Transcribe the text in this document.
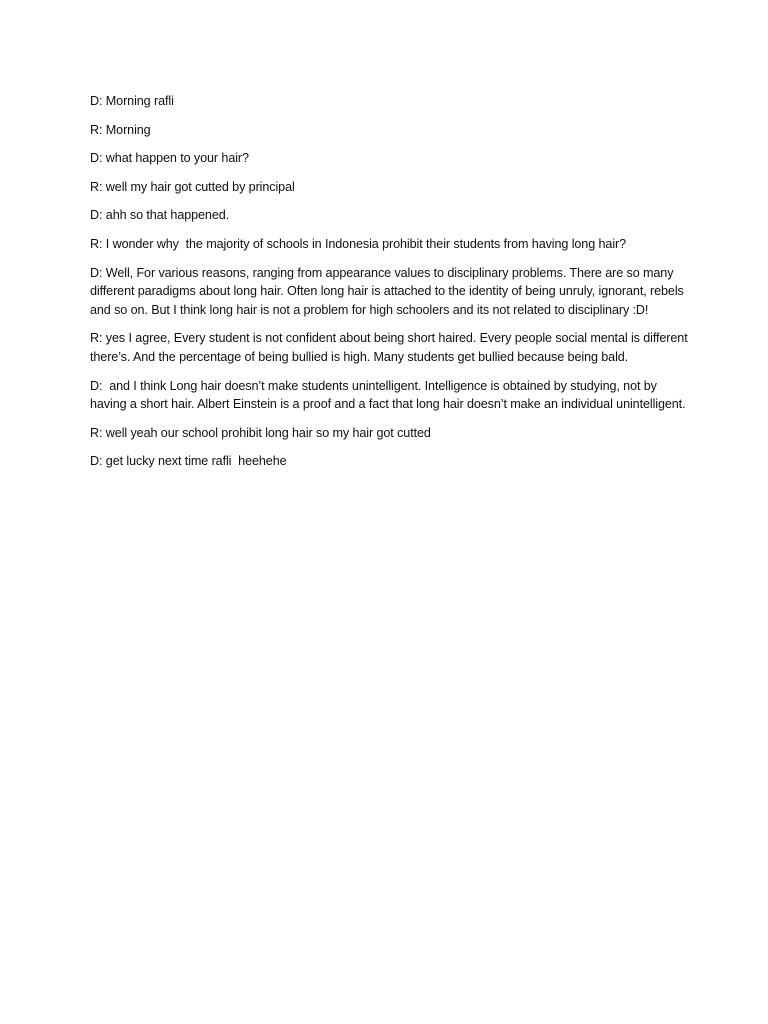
D: Morning rafli

R: Morning

D: what happen to your hair?

R: well my hair got cutted by principal

D: ahh so that happened.

R: I wonder why  the majority of schools in Indonesia prohibit their students from having long hair?

D: Well, For various reasons, ranging from appearance values to disciplinary problems. There are so many different paradigms about long hair. Often long hair is attached to the identity of being unruly, ignorant, rebels and so on. But I think long hair is not a problem for high schoolers and its not related to disciplinary :D!

R: yes I agree, Every student is not confident about being short haired. Every people social mental is different there’s. And the percentage of being bullied is high. Many students get bullied because being bald.

D:  and I think Long hair doesn’t make students unintelligent. Intelligence is obtained by studying, not by having a short hair. Albert Einstein is a proof and a fact that long hair doesn’t make an individual unintelligent.

R: well yeah our school prohibit long hair so my hair got cutted

D: get lucky next time rafli  heehehe
